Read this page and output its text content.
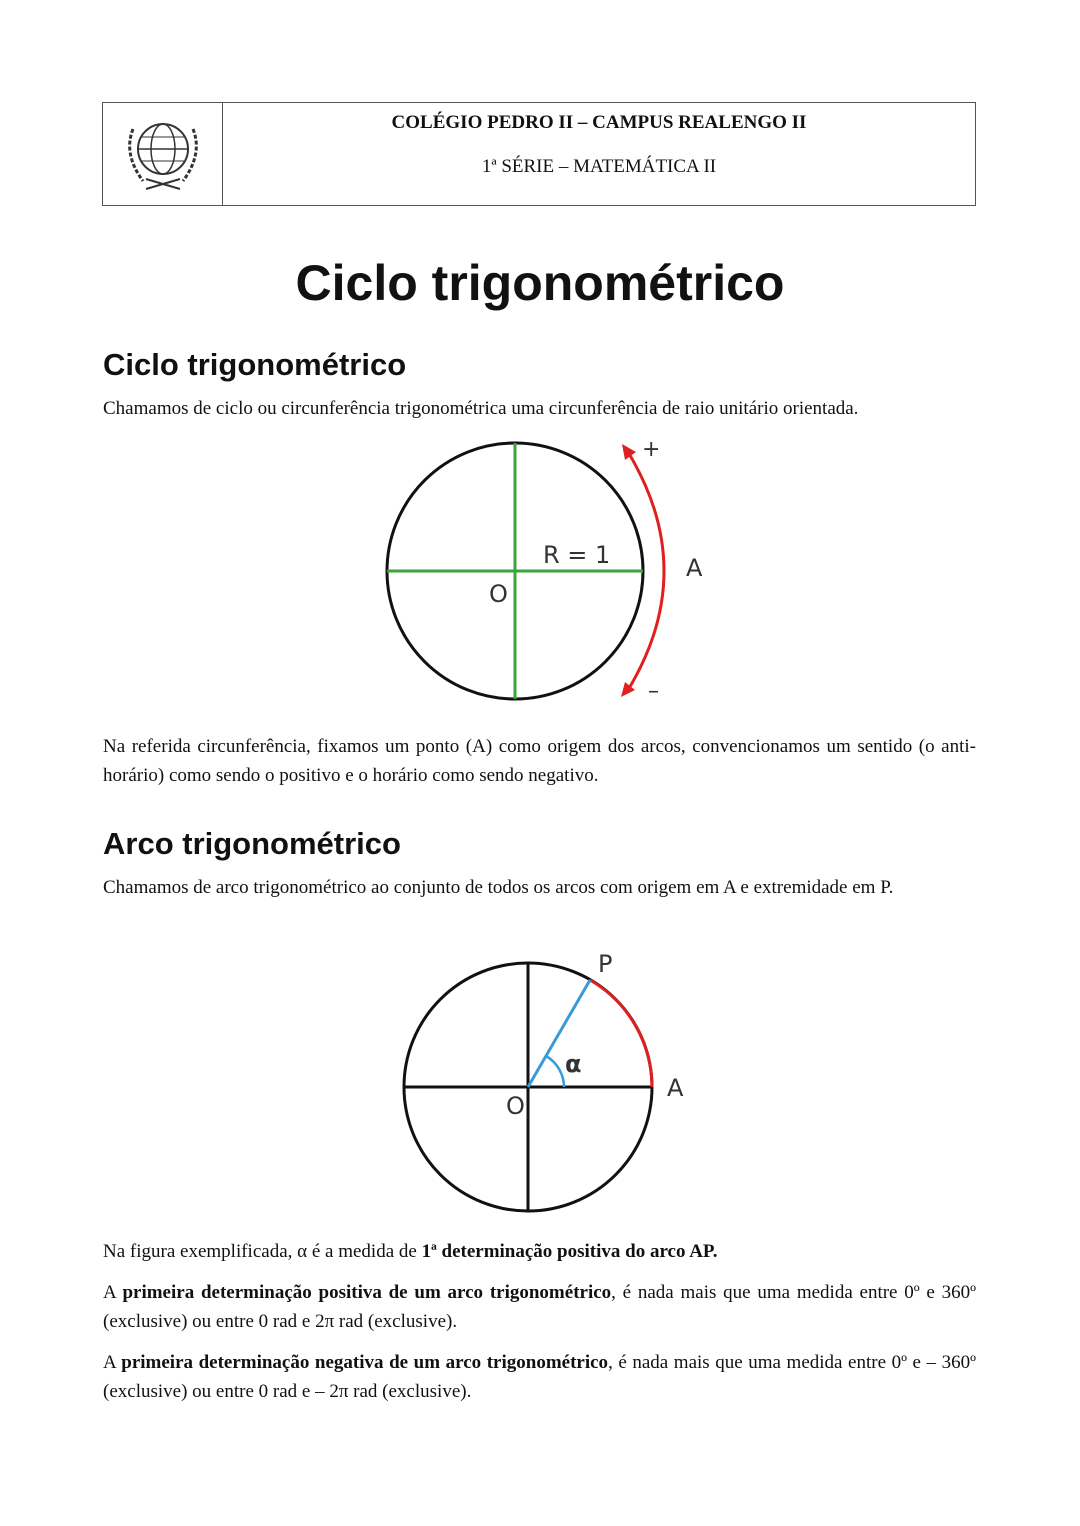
COLÉGIO PEDRO II – CAMPUS REALENGO II
1ª SÉRIE – MATEMÁTICA II
Ciclo trigonométrico
Ciclo trigonométrico

Chamamos de ciclo ou circunferência trigonométrica uma circunferência de raio unitário orientada.

R = 1
O
A
+
–
P
A
O
α

Na referida circunferência, fixamos um ponto (A) como origem dos arcos, convencionamos um sentido (o anti-horário) como sendo o positivo e o horário como sendo negativo.

Arco trigonométrico

Chamamos de arco trigonométrico ao conjunto de todos os arcos com origem em A e extremidade em P.

Na figura exemplificada, α é a medida de 1ª determinação positiva do arco AP.

A primeira determinação positiva de um arco trigonométrico, é nada mais que uma medida entre 0º e 360º (exclusive) ou entre 0 rad e 2π rad (exclusive).

A primeira determinação negativa de um arco trigonométrico, é nada mais que uma medida entre 0º e – 360º (exclusive) ou entre 0 rad e – 2π rad (exclusive).
